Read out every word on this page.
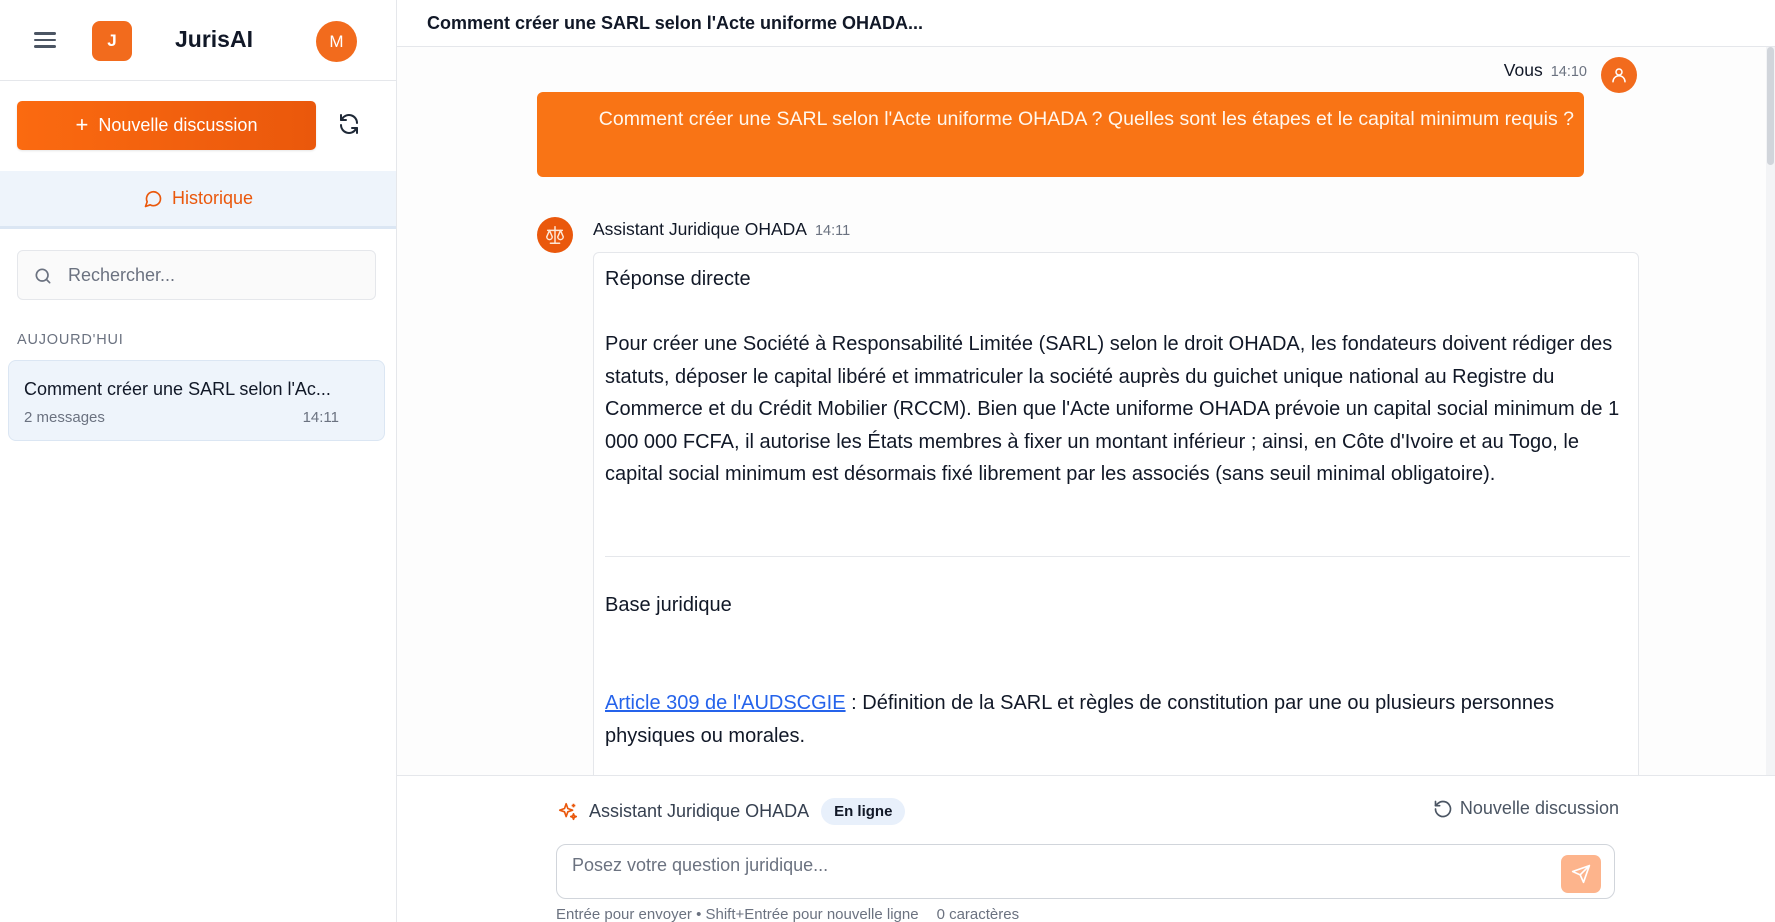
J	JurisAI	M
+ Nouvelle discussion
Historique
Rechercher...
AUJOURD'HUI
Comment créer une SARL selon l'Ac...
2 messages	14:11
Comment créer une SARL selon l'Acte uniforme OHADA...
Vous 14:10
Comment créer une SARL selon l'Acte uniforme OHADA ? Quelles sont les étapes et le capital minimum requis ?
Assistant Juridique OHADA 14:11
Réponse directe
Pour créer une Société à Responsabilité Limitée (SARL) selon le droit OHADA, les fondateurs doivent rédiger des statuts, déposer le capital libéré et immatriculer la société auprès du guichet unique national au Registre du Commerce et du Crédit Mobilier (RCCM). Bien que l'Acte uniforme OHADA prévoie un capital social minimum de 1 000 000 FCFA, il autorise les États membres à fixer un montant inférieur ; ainsi, en Côte d'Ivoire et au Togo, le capital social minimum est désormais fixé librement par les associés (sans seuil minimal obligatoire).
Base juridique
Article 309 de l'AUDSCGIE : Définition de la SARL et règles de constitution par une ou plusieurs personnes physiques ou morales.
Assistant Juridique OHADA	En ligne	Nouvelle discussion
Posez votre question juridique...
Entrée pour envoyer • Shift+Entrée pour nouvelle ligne 0 caractères
